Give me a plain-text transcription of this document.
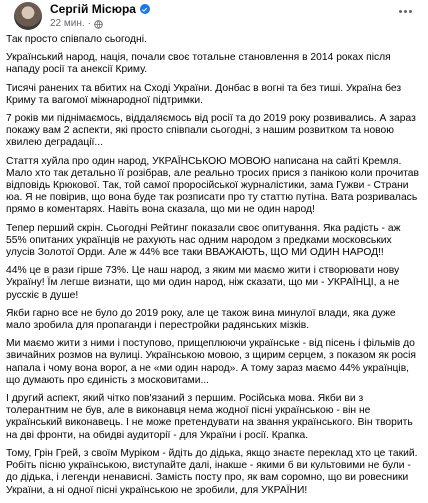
Сергій Місюра
22 мин. ·

Так просто співпало сьогодні.

Український народ, нація, почали своє тотальне становлення в 2014 роках після нападу росії та анексії Криму.

Тисячі ранених та вбитих на Сході України. Донбас в вогні та без тиші. Україна без Криму та вагомої міжнародної підтримки.

7 років ми піднімаємось, віддаляємось від росії та до 2019 року розвивались. А зараз покажу вам 2 аспекти, які просто співпали сьогодні, з нашим розвитком та новою хвилею деградації...

Стаття хуйла про один народ, УКРАЇНСЬКОЮ МОВОЮ написана на сайті Кремля. Мало хто так детально її розібрав, але реально тросих прися з панікою коли прочитав відповідь Крюкової. Так, той самої проросійської журналістики, зама Гужви - Страни юа. Я не повірив, що вона буде так розписати про ту статтю путіна. Вата розривалась прямо в коментарях. Навіть вона сказала, що ми не один народ!

Тепер перший скрін. Сьогодні Рейтинг показали своє опитування. Яка радість - аж 55% опитаних українців не рахують нас одним народом з предками московських улусів Золотої Орди. Але ж 44% все таки ВВАЖАЮТЬ, ЩО МИ ОДИН НАРОД!!

44% це в рази гірше 73%. Це наш народ, з яким ми маємо жити і створювати нову Україну! Їм легше визнати, що ми один народ, ніж сказати, що ми - УКРАЇНЦІ, а не русскіє в душе!

Якби гарно все не було до 2019 року, але це також вина минулої влади, яка дуже мало зробила для пропаганди і перестройки радянських мізків.

Ми маємо жити з ними і поступово, прищеплюючи українське - від пісень і фільмів до звичайних розмов на вулиці. Українською мовою, з щирим серцем, з показом як росія напала і чому вона ворог, а не «ми один народ». А тому зараз маємо 44% українців, що думають про єдиність з московитами...

І другий аспект, який чітко пов'язаний з першим. Російська мова. Якби ви з толерантним не був, але в виконавця нема жодної пісні українською - він не український виконавець. І не може претендувати на звання українського. Він творить на дві фронти, на обидві аудиторії - для України і росії. Крапка.

Тому, Грін Грей, з своїм Муріком - йдіть до дідька, якщо знаєте переклад хто це такий. Робіть пісню українською, виступайте далі, інакше - якими б ви культовими не були - до дідька, і легенди ненависні. Замість посту про, як вам соромно, що ви ровесники України, а ні одної пісні українською не зробили, для УКРАЇНИ!
